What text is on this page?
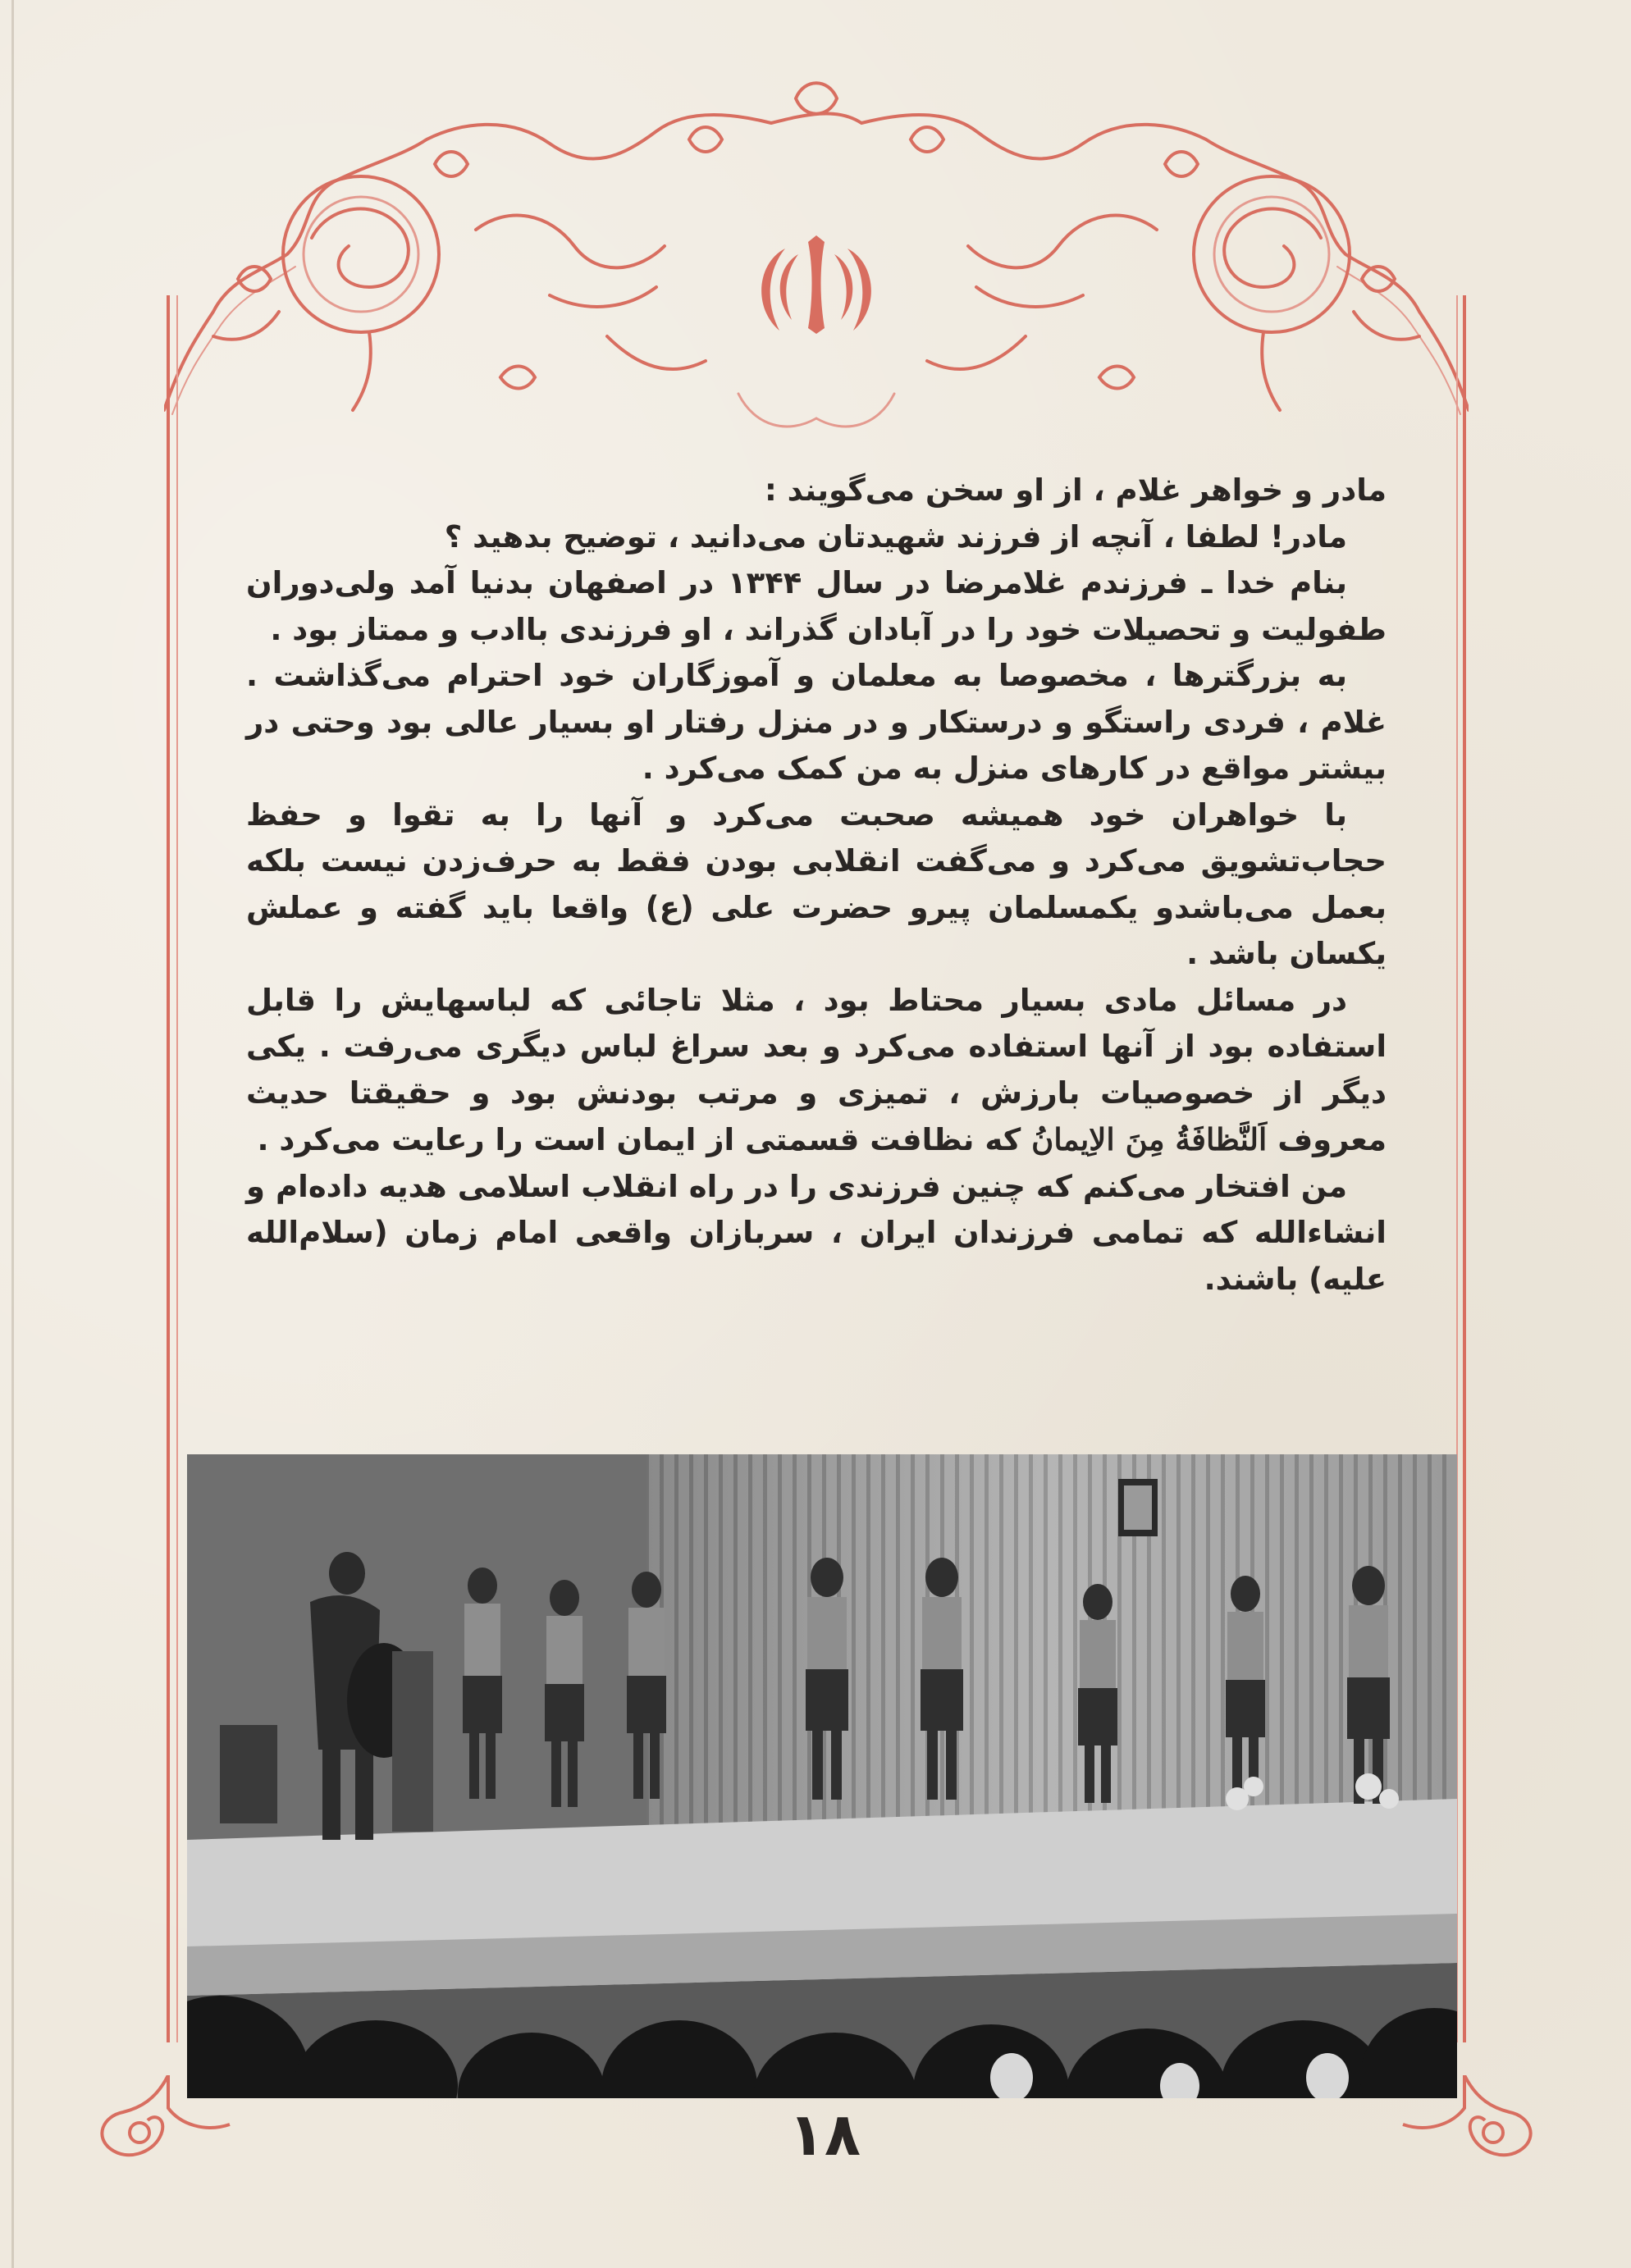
مادر و خواهر غلام ، از او سخن می‌گویند :

مادر! لطفا ، آنچه از فرزند شهیدتان می‌دانید ، توضیح بدهید ؟

بنام خدا ـ فرزندم غلامرضا در سال ۱۳۴۴ در اصفهان بدنیا آمد ولی‌دوران طفولیت و تحصیلات خود را در آبادان گذراند ، او فرزندی باادب و ممتاز بود .

به بزرگترها ، مخصوصا به معلمان و آموزگاران خود احترام می‌گذاشت . غلام ، فردی راستگو و درستکار و در منزل رفتار او بسیار عالی بود وحتی در بیشتر مواقع در کارهای منزل به من کمک می‌کرد .

با خواهران خود همیشه صحبت می‌کرد و آنها را به تقوا و حفظ حجاب‌تشویق می‌کرد و می‌گفت انقلابی بودن فقط به حرف‌زدن نیست بلکه بعمل می‌باشدو یکمسلمان پیرو حضرت علی (ع) واقعا باید گفته و عملش یکسان باشد .

در مسائل مادی بسیار محتاط بود ، مثلا تاجائی که لباسهایش را قابل استفاده بود از آنها استفاده می‌کرد و بعد سراغ لباس دیگری می‌رفت . یکی دیگر از خصوصیات بارزش ، تمیزی و مرتب بودنش بود و حقیقتا حدیث معروف اَلنَّظافَةُ مِنَ الاِیمانُ که نظافت قسمتی از ایمان است را رعایت می‌کرد .

من افتخار می‌کنم که چنین فرزندی را در راه انقلاب اسلامی هدیه داده‌ام و انشاءالله که تمامی فرزندان ایران ، سربازان واقعی امام زمان (سلام‌الله علیه) باشند.

۱۸
